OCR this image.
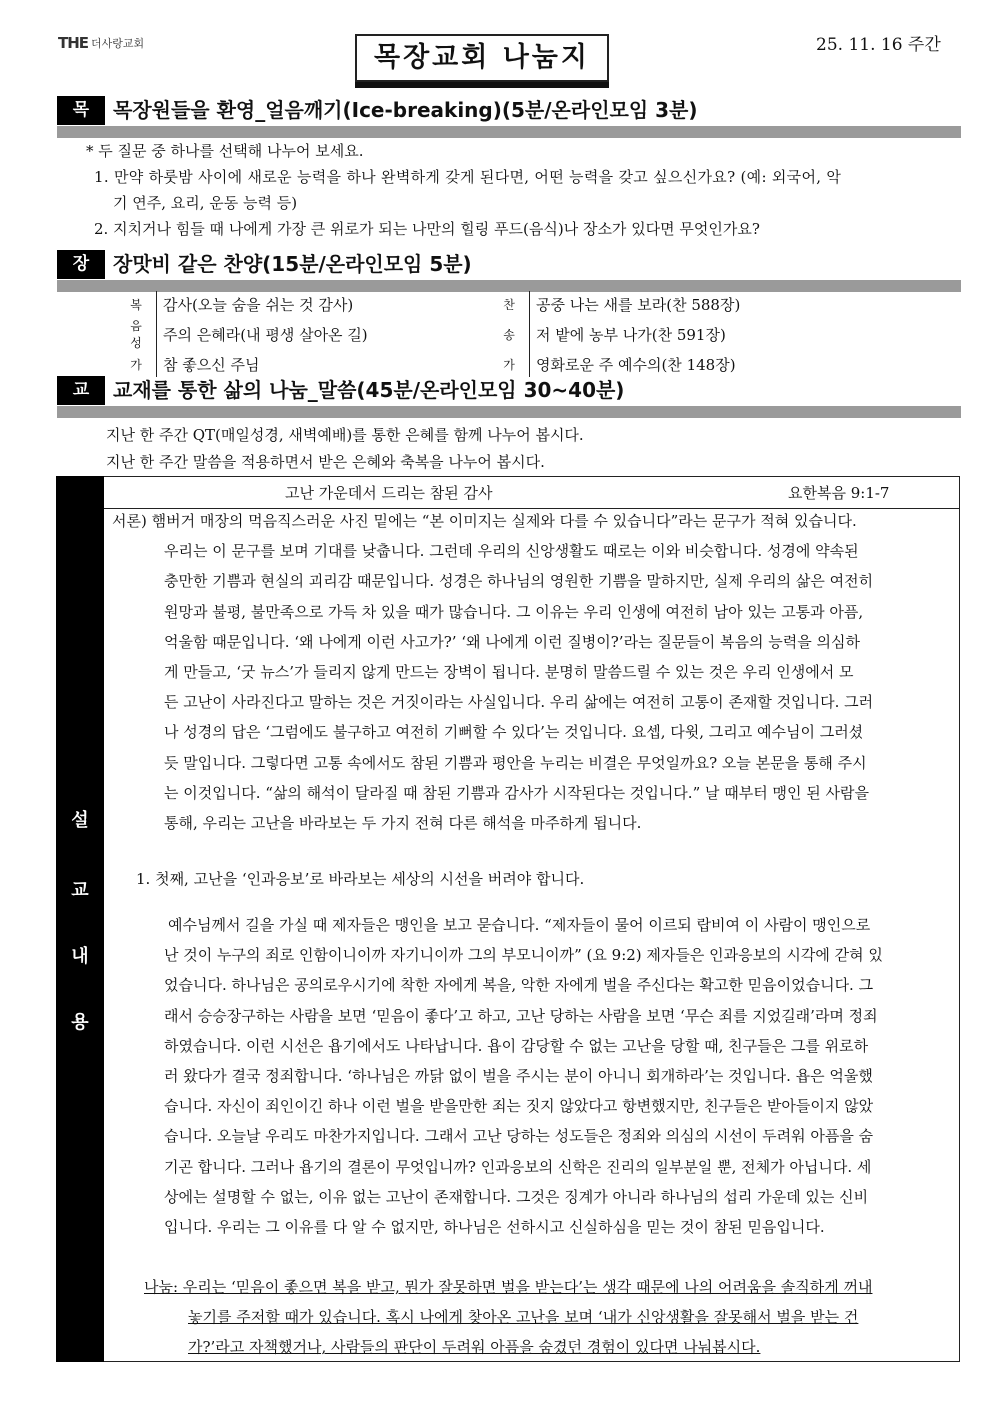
THE 더사랑교회	25. 11. 16 주간
목장교회 나눔지
목	목장원들을 환영_얼음깨기(Ice-breaking)(5분/온라인모임 3분)
* 두 질문 중 하나를 선택해 나누어 보세요.
1. 만약 하룻밤 사이에 새로운 능력을 하나 완벽하게 갖게 된다면, 어떤 능력을 갖고 싶으신가요? (예: 외국어, 악
기 연주, 요리, 운동 능력 등)
2. 지치거나 힘들 때 나에게 가장 큰 위로가 되는 나만의 힐링 푸드(음식)나 장소가 있다면 무엇인가요?
장	장맛비 같은 찬양(15분/온라인모임 5분)
복	감사(오늘 숨을 쉬는 것 감사)	찬	공중 나는 새를 보라(찬 588장)
음
성	주의 은혜라(내 평생 살아온 길)	송	저 밭에 농부 나가(찬 591장)
가	참 좋으신 주님	가	영화로운 주 예수의(찬 148장)
교	교재를 통한 삶의 나눔_말씀(45분/온라인모임 30~40분)
지난 한 주간 QT(매일성경, 새벽예배)를 통한 은혜를 함께 나누어 봅시다.
지난 한 주간 말씀을 적용하면서 받은 은혜와 축복을 나누어 봅시다.
설
교
내
용
고난 가운데서 드리는 참된 감사	요한복음 9:1-7
서론) 햄버거 매장의 먹음직스러운 사진 밑에는 “본 이미지는 실제와 다를 수 있습니다”라는 문구가 적혀 있습니다.
우리는 이 문구를 보며 기대를 낮춥니다. 그런데 우리의 신앙생활도 때로는 이와 비슷합니다. 성경에 약속된
충만한 기쁨과 현실의 괴리감 때문입니다. 성경은 하나님의 영원한 기쁨을 말하지만, 실제 우리의 삶은 여전히
원망과 불평, 불만족으로 가득 차 있을 때가 많습니다. 그 이유는 우리 인생에 여전히 남아 있는 고통과 아픔,
억울함 때문입니다. ‘왜 나에게 이런 사고가?’ ‘왜 나에게 이런 질병이?’라는 질문들이 복음의 능력을 의심하
게 만들고, ‘굿 뉴스’가 들리지 않게 만드는 장벽이 됩니다. 분명히 말씀드릴 수 있는 것은 우리 인생에서 모
든 고난이 사라진다고 말하는 것은 거짓이라는 사실입니다. 우리 삶에는 여전히 고통이 존재할 것입니다. 그러
나 성경의 답은 ‘그럼에도 불구하고 여전히 기뻐할 수 있다’는 것입니다. 요셉, 다윗, 그리고 예수님이 그러셨
듯 말입니다. 그렇다면 고통 속에서도 참된 기쁨과 평안을 누리는 비결은 무엇일까요? 오늘 본문을 통해 주시
는 이것입니다. “삶의 해석이 달라질 때 참된 기쁨과 감사가 시작된다는 것입니다.” 날 때부터 맹인 된 사람을
통해, 우리는 고난을 바라보는 두 가지 전혀 다른 해석을 마주하게 됩니다.
1. 첫째, 고난을 ‘인과응보’로 바라보는 세상의 시선을 버려야 합니다.
예수님께서 길을 가실 때 제자들은 맹인을 보고 묻습니다. “제자들이 물어 이르되 랍비여 이 사람이 맹인으로
난 것이 누구의 죄로 인함이니이까 자기니이까 그의 부모니이까” (요 9:2) 제자들은 인과응보의 시각에 갇혀 있
었습니다. 하나님은 공의로우시기에 착한 자에게 복을, 악한 자에게 벌을 주신다는 확고한 믿음이었습니다. 그
래서 승승장구하는 사람을 보면 ‘믿음이 좋다’고 하고, 고난 당하는 사람을 보면 ‘무슨 죄를 지었길래’라며 정죄
하였습니다. 이런 시선은 욥기에서도 나타납니다. 욥이 감당할 수 없는 고난을 당할 때, 친구들은 그를 위로하
러 왔다가 결국 정죄합니다. ‘하나님은 까닭 없이 벌을 주시는 분이 아니니 회개하라’는 것입니다. 욥은 억울했
습니다. 자신이 죄인이긴 하나 이런 벌을 받을만한 죄는 짓지 않았다고 항변했지만, 친구들은 받아들이지 않았
습니다. 오늘날 우리도 마찬가지입니다. 그래서 고난 당하는 성도들은 정죄와 의심의 시선이 두려워 아픔을 숨
기곤 합니다. 그러나 욥기의 결론이 무엇입니까? 인과응보의 신학은 진리의 일부분일 뿐, 전체가 아닙니다. 세
상에는 설명할 수 없는, 이유 없는 고난이 존재합니다. 그것은 징계가 아니라 하나님의 섭리 가운데 있는 신비
입니다. 우리는 그 이유를 다 알 수 없지만, 하나님은 선하시고 신실하심을 믿는 것이 참된 믿음입니다.
나눔: 우리는 ‘믿음이 좋으면 복을 받고, 뭔가 잘못하면 벌을 받는다’는 생각 때문에 나의 어려움을 솔직하게 꺼내
놓기를 주저할 때가 있습니다. 혹시 나에게 찾아온 고난을 보며 ‘내가 신앙생활을 잘못해서 벌을 받는 건
가?’라고 자책했거나, 사람들의 판단이 두려워 아픔을 숨겼던 경험이 있다면 나눠봅시다.
